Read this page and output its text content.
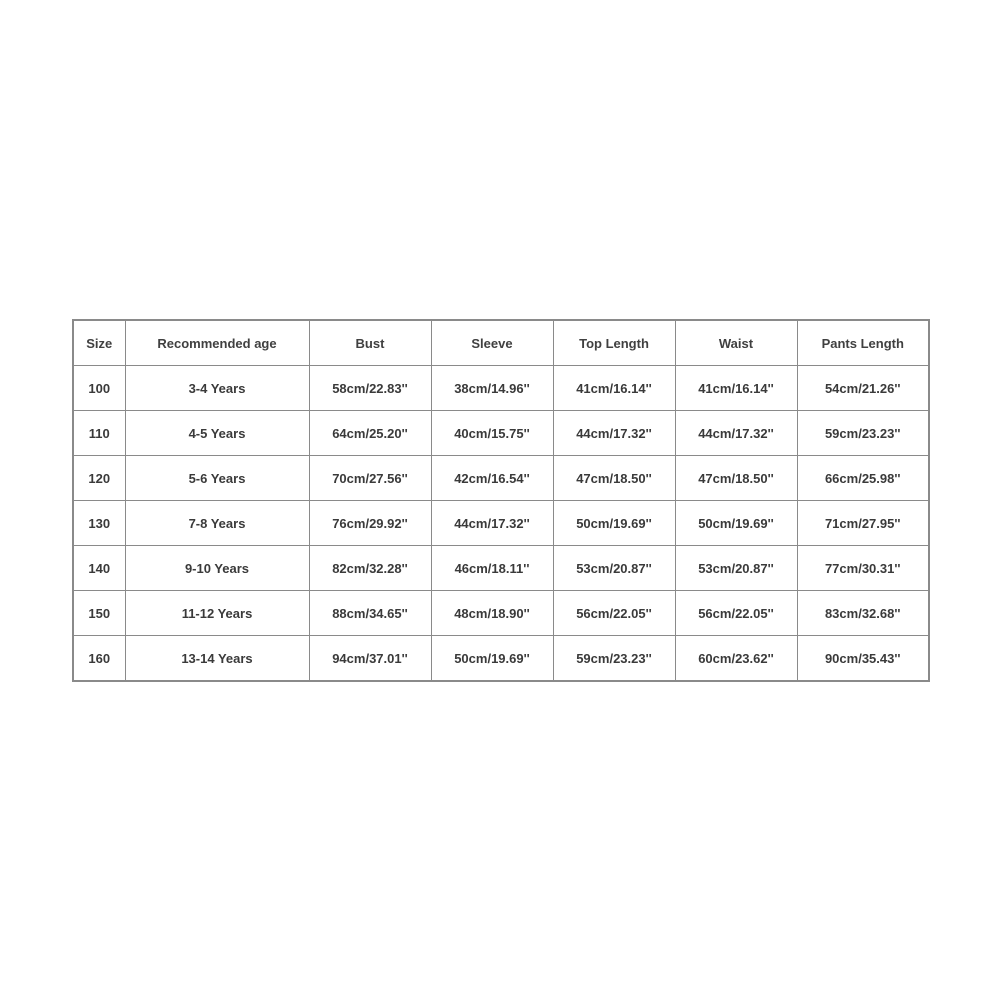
Size	Recommended age	Bust	Sleeve	Top Length	Waist	Pants Length
100	3-4 Years	58cm/22.83''	38cm/14.96''	41cm/16.14''	41cm/16.14''	54cm/21.26''
110	4-5 Years	64cm/25.20''	40cm/15.75''	44cm/17.32''	44cm/17.32''	59cm/23.23''
120	5-6 Years	70cm/27.56''	42cm/16.54''	47cm/18.50''	47cm/18.50''	66cm/25.98''
130	7-8 Years	76cm/29.92''	44cm/17.32''	50cm/19.69''	50cm/19.69''	71cm/27.95''
140	9-10 Years	82cm/32.28''	46cm/18.11''	53cm/20.87''	53cm/20.87''	77cm/30.31''
150	11-12 Years	88cm/34.65''	48cm/18.90''	56cm/22.05''	56cm/22.05''	83cm/32.68''
160	13-14 Years	94cm/37.01''	50cm/19.69''	59cm/23.23''	60cm/23.62''	90cm/35.43''
